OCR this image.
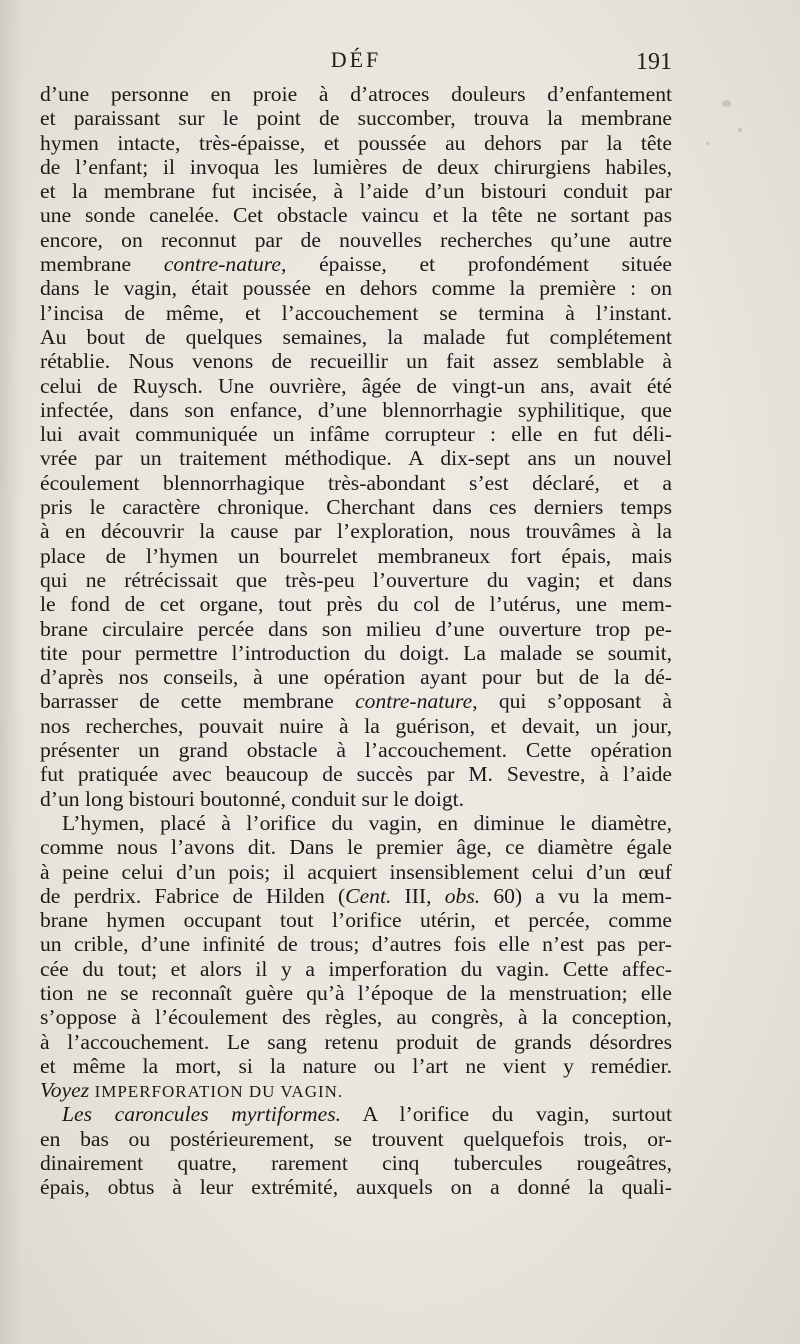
DÉF	191
d’une personne en proie à d’atroces douleurs d’enfantement
et paraissant sur le point de succomber, trouva la membrane
hymen intacte, très-épaisse, et poussée au dehors par la tête
de l’enfant; il invoqua les lumières de deux chirurgiens habiles,
et la membrane fut incisée, à l’aide d’un bistouri conduit par
une sonde canelée. Cet obstacle vaincu et la tête ne sortant pas
encore, on reconnut par de nouvelles recherches qu’une autre
membrane contre-nature, épaisse, et profondément située
dans le vagin, était poussée en dehors comme la première : on
l’incisa de même, et l’accouchement se termina à l’instant.
Au bout de quelques semaines, la malade fut complétement
rétablie. Nous venons de recueillir un fait assez semblable à
celui de Ruysch. Une ouvrière, âgée de vingt-un ans, avait été
infectée, dans son enfance, d’une blennorrhagie syphilitique, que
lui avait communiquée un infâme corrupteur : elle en fut déli-
vrée par un traitement méthodique. A dix-sept ans un nouvel
écoulement blennorrhagique très-abondant s’est déclaré, et a
pris le caractère chronique. Cherchant dans ces derniers temps
à en découvrir la cause par l’exploration, nous trouvâmes à la
place de l’hymen un bourrelet membraneux fort épais, mais
qui ne rétrécissait que très-peu l’ouverture du vagin; et dans
le fond de cet organe, tout près du col de l’utérus, une mem-
brane circulaire percée dans son milieu d’une ouverture trop pe-
tite pour permettre l’introduction du doigt. La malade se soumit,
d’après nos conseils, à une opération ayant pour but de la dé-
barrasser de cette membrane contre-nature, qui s’opposant à
nos recherches, pouvait nuire à la guérison, et devait, un jour,
présenter un grand obstacle à l’accouchement. Cette opération
fut pratiquée avec beaucoup de succès par M. Sevestre, à l’aide
d’un long bistouri boutonné, conduit sur le doigt.
L’hymen, placé à l’orifice du vagin, en diminue le diamètre,
comme nous l’avons dit. Dans le premier âge, ce diamètre égale
à peine celui d’un pois; il acquiert insensiblement celui d’un œuf
de perdrix. Fabrice de Hilden (Cent. III, obs. 60) a vu la mem-
brane hymen occupant tout l’orifice utérin, et percée, comme
un crible, d’une infinité de trous; d’autres fois elle n’est pas per-
cée du tout; et alors il y a imperforation du vagin. Cette affec-
tion ne se reconnaît guère qu’à l’époque de la menstruation; elle
s’oppose à l’écoulement des règles, au congrès, à la conception,
à l’accouchement. Le sang retenu produit de grands désordres
et même la mort, si la nature ou l’art ne vient y remédier.
Voyez IMPERFORATION DU VAGIN.
Les caroncules myrtiformes. A l’orifice du vagin, surtout
en bas ou postérieurement, se trouvent quelquefois trois, or-
dinairement quatre, rarement cinq tubercules rougeâtres,
épais, obtus à leur extrémité, auxquels on a donné la quali-
